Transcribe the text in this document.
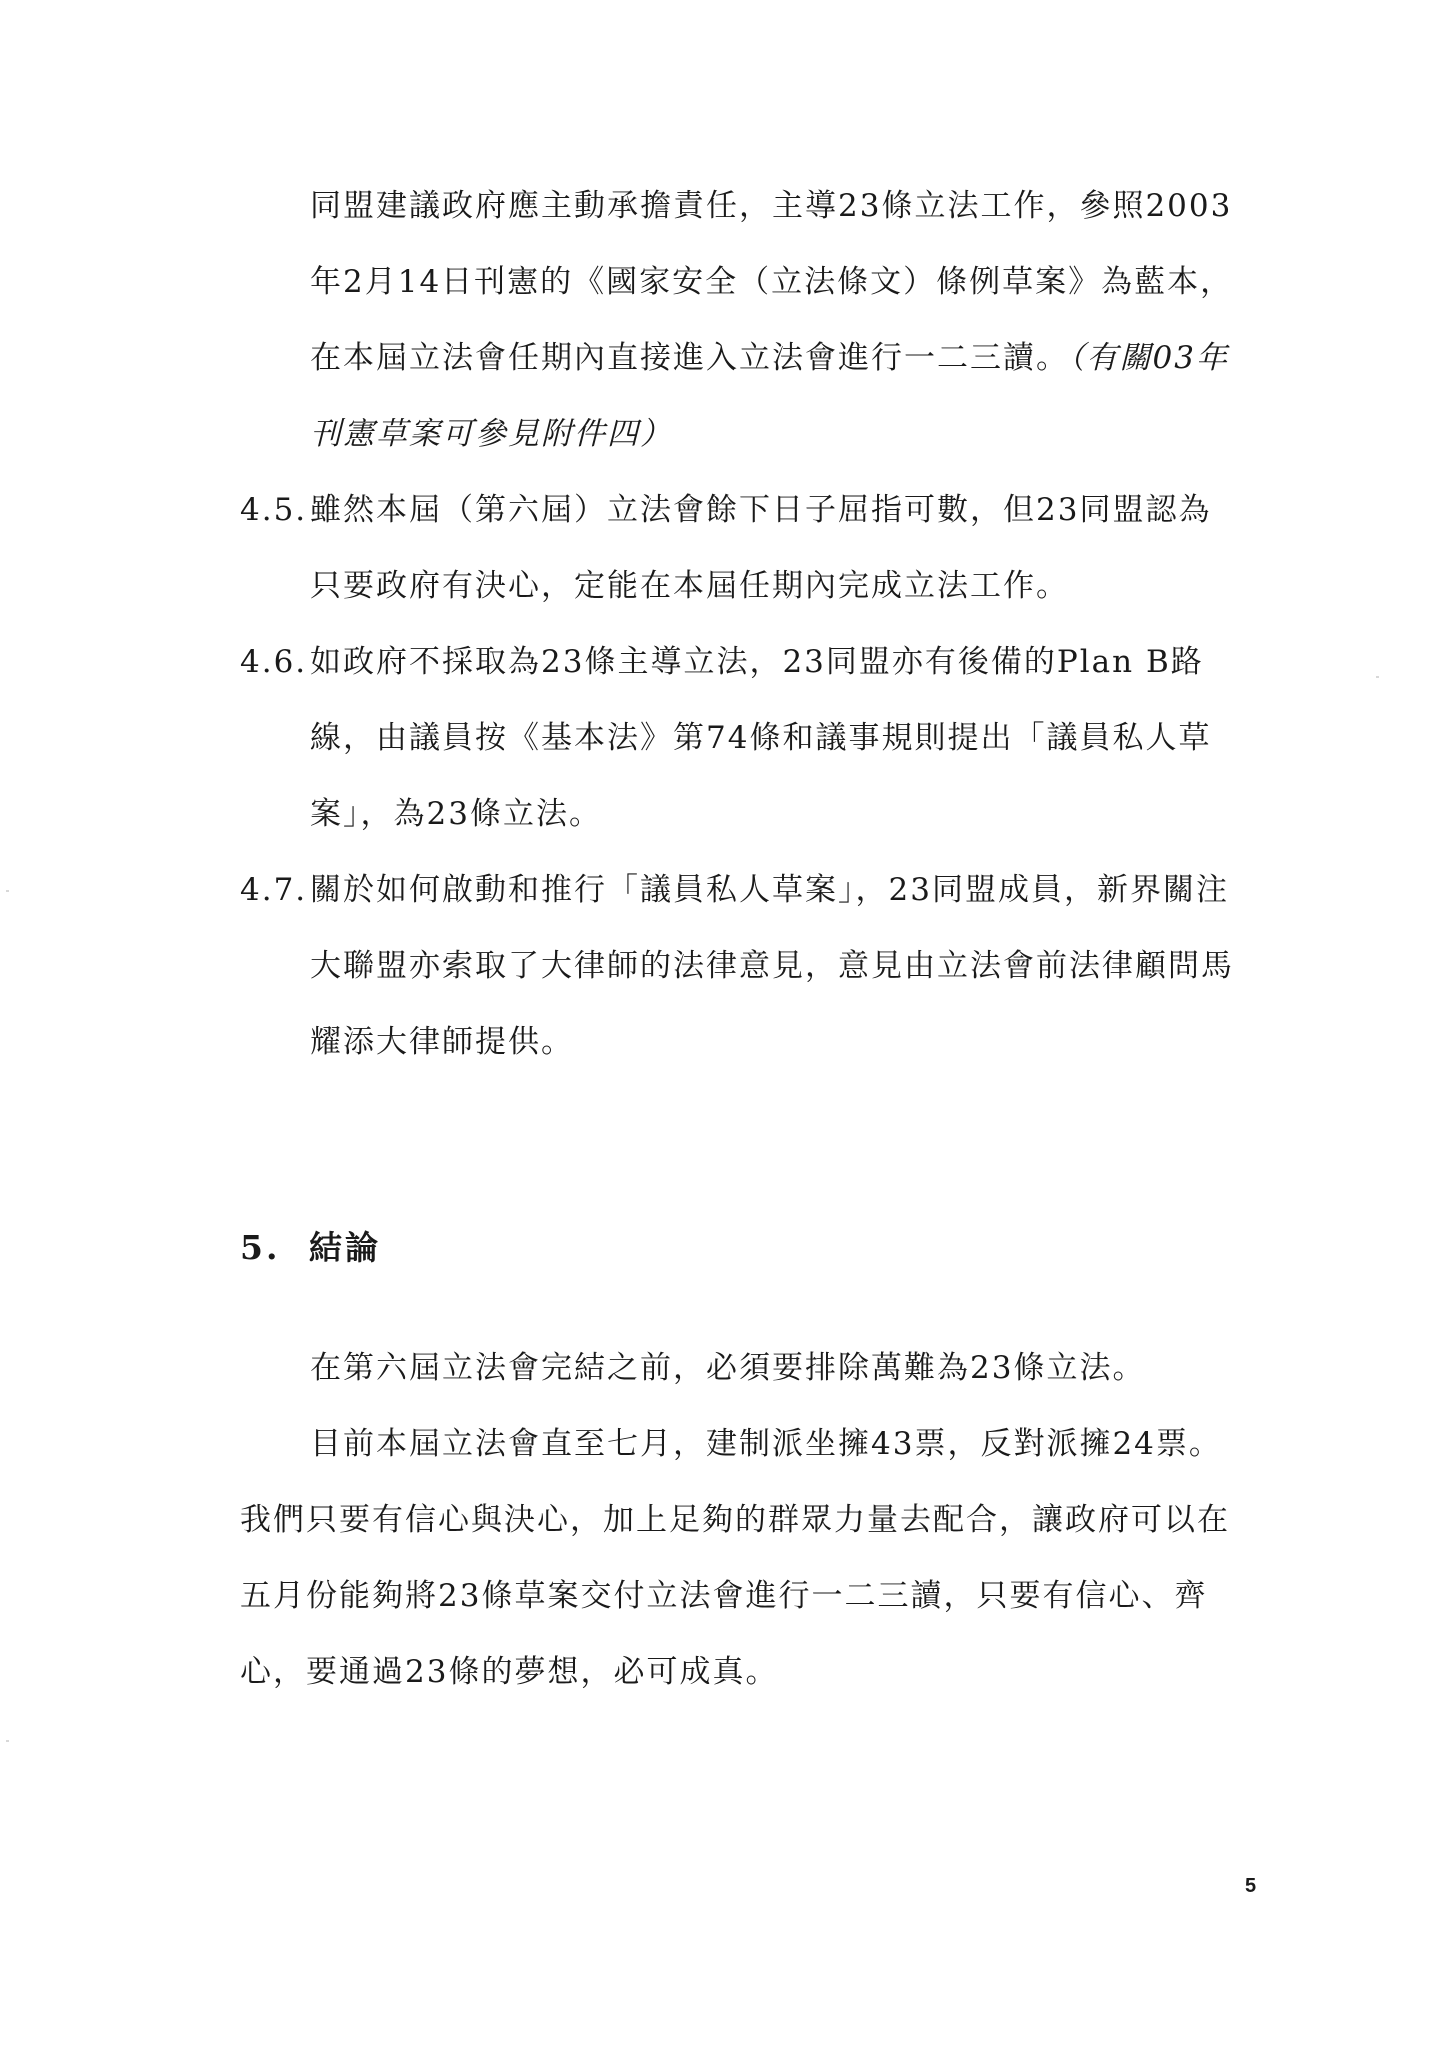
同盟建議政府應主動承擔責任，主導23條立法工作，參照2003
年2月14日刊憲的《國家安全（立法條文）條例草案》為藍本，
在本屆立法會任期內直接進入立法會進行一二三讀。（有關03年
刊憲草案可參見附件四）
4.5. 雖然本屆（第六屆）立法會餘下日子屈指可數，但23同盟認為
只要政府有決心，定能在本屆任期內完成立法工作。
4.6. 如政府不採取為23條主導立法，23同盟亦有後備的Plan B路
線，由議員按《基本法》第74條和議事規則提出「議員私人草
案」，為23條立法。
4.7. 關於如何啟動和推行「議員私人草案」，23同盟成員，新界關注
大聯盟亦索取了大律師的法律意見，意見由立法會前法律顧問馬
耀添大律師提供。
5. 結論
在第六屆立法會完結之前，必須要排除萬難為23條立法。
目前本屆立法會直至七月，建制派坐擁43票，反對派擁24票。
我們只要有信心與決心，加上足夠的群眾力量去配合，讓政府可以在
五月份能夠將23條草案交付立法會進行一二三讀，只要有信心、齊
心，要通過23條的夢想，必可成真。
5
